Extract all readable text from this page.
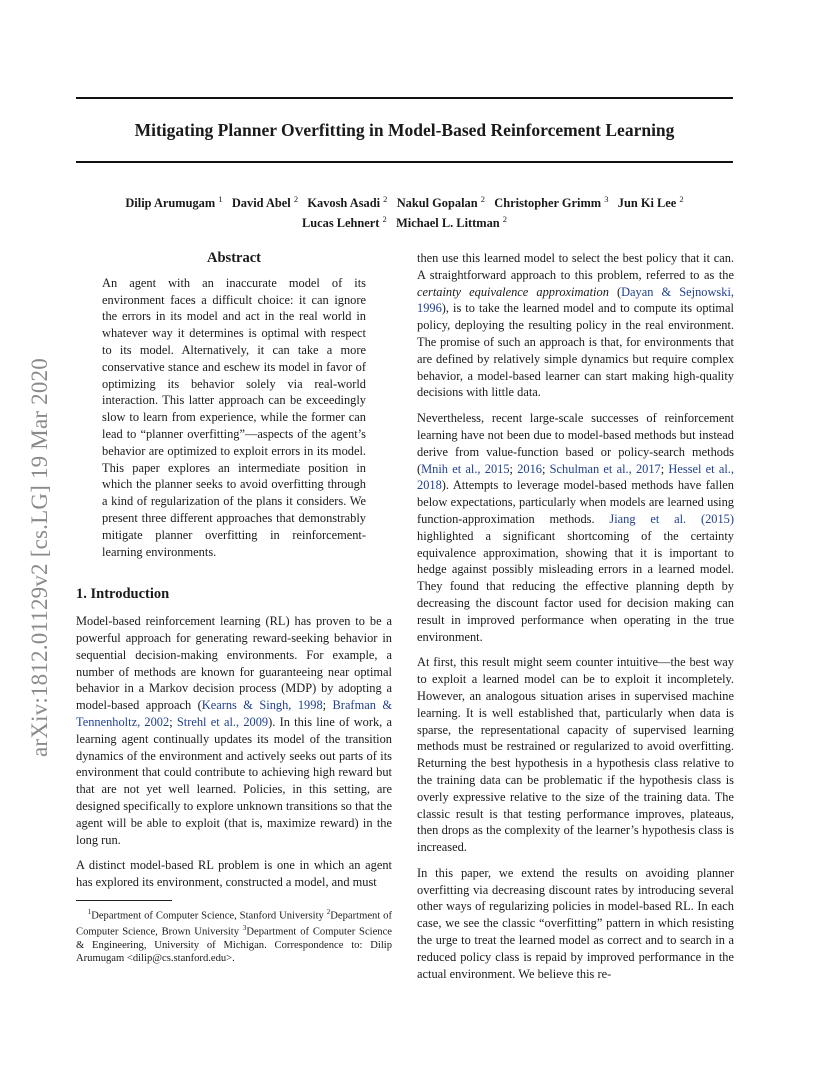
Mitigating Planner Overfitting in Model-Based Reinforcement Learning
Dilip Arumugam $^1$ David Abel $^2$ Kavosh Asadi $^2$ Nakul Gopalan $^2$ Christopher Grimm $^3$ Jun Ki Lee $^2$
Lucas Lehnert $^2$ Michael L. Littman $^2$
arXiv:1812.01129v2 [cs.LG] 19 Mar 2020
Abstract

An agent with an inaccurate model of its environment faces a difficult choice: it can ignore the errors in its model and act in the real world in whatever way it determines is optimal with respect to its model. Alternatively, it can take a more conservative stance and eschew its model in favor of optimizing its behavior solely via real-world interaction. This latter approach can be exceedingly slow to learn from experience, while the former can lead to “planner overfitting”—aspects of the agent’s behavior are optimized to exploit errors in its model. This paper explores an intermediate position in which the planner seeks to avoid overfitting through a kind of regularization of the plans it considers. We present three different approaches that demonstrably mitigate planner overfitting in reinforcement-learning environments.

1. Introduction

Model-based reinforcement learning (RL) has proven to be a powerful approach for generating reward-seeking behavior in sequential decision-making environments. For example, a number of methods are known for guaranteeing near optimal behavior in a Markov decision process (MDP) by adopting a model-based approach (Kearns & Singh, 1998; Brafman & Tennenholtz, 2002; Strehl et al., 2009). In this line of work, a learning agent continually updates its model of the transition dynamics of the environment and actively seeks out parts of its environment that could contribute to achieving high reward but that are not yet well learned. Policies, in this setting, are designed specifically to explore unknown transitions so that the agent will be able to exploit (that is, maximize reward) in the long run.

A distinct model-based RL problem is one in which an agent has explored its environment, constructed a model, and must

$^1$Department of Computer Science, Stanford University $^2$Department of Computer Science, Brown University $^3$Department of Computer Science & Engineering, University of Michigan. Correspondence to: Dilip Arumugam <dilip@cs.stanford.edu>.

then use this learned model to select the best policy that it can. A straightforward approach to this problem, referred to as the certainty equivalence approximation (Dayan & Sejnowski, 1996), is to take the learned model and to compute its optimal policy, deploying the resulting policy in the real environment. The promise of such an approach is that, for environments that are defined by relatively simple dynamics but require complex behavior, a model-based learner can start making high-quality decisions with little data.

Nevertheless, recent large-scale successes of reinforcement learning have not been due to model-based methods but instead derive from value-function based or policy-search methods (Mnih et al., 2015; 2016; Schulman et al., 2017; Hessel et al., 2018). Attempts to leverage model-based methods have fallen below expectations, particularly when models are learned using function-approximation methods. Jiang et al. (2015) highlighted a significant shortcoming of the certainty equivalence approximation, showing that it is important to hedge against possibly misleading errors in a learned model. They found that reducing the effective planning depth by decreasing the discount factor used for decision making can result in improved performance when operating in the true environment.

At first, this result might seem counter intuitive—the best way to exploit a learned model can be to exploit it incompletely. However, an analogous situation arises in supervised machine learning. It is well established that, particularly when data is sparse, the representational capacity of supervised learning methods must be restrained or regularized to avoid overfitting. Returning the best hypothesis in a hypothesis class relative to the training data can be problematic if the hypothesis class is overly expressive relative to the size of the training data. The classic result is that testing performance improves, plateaus, then drops as the complexity of the learner’s hypothesis class is increased.

In this paper, we extend the results on avoiding planner overfitting via decreasing discount rates by introducing several other ways of regularizing policies in model-based RL. In each case, we see the classic “overfitting” pattern in which resisting the urge to treat the learned model as correct and to search in a reduced policy class is repaid by improved performance in the actual environment. We believe this re-
